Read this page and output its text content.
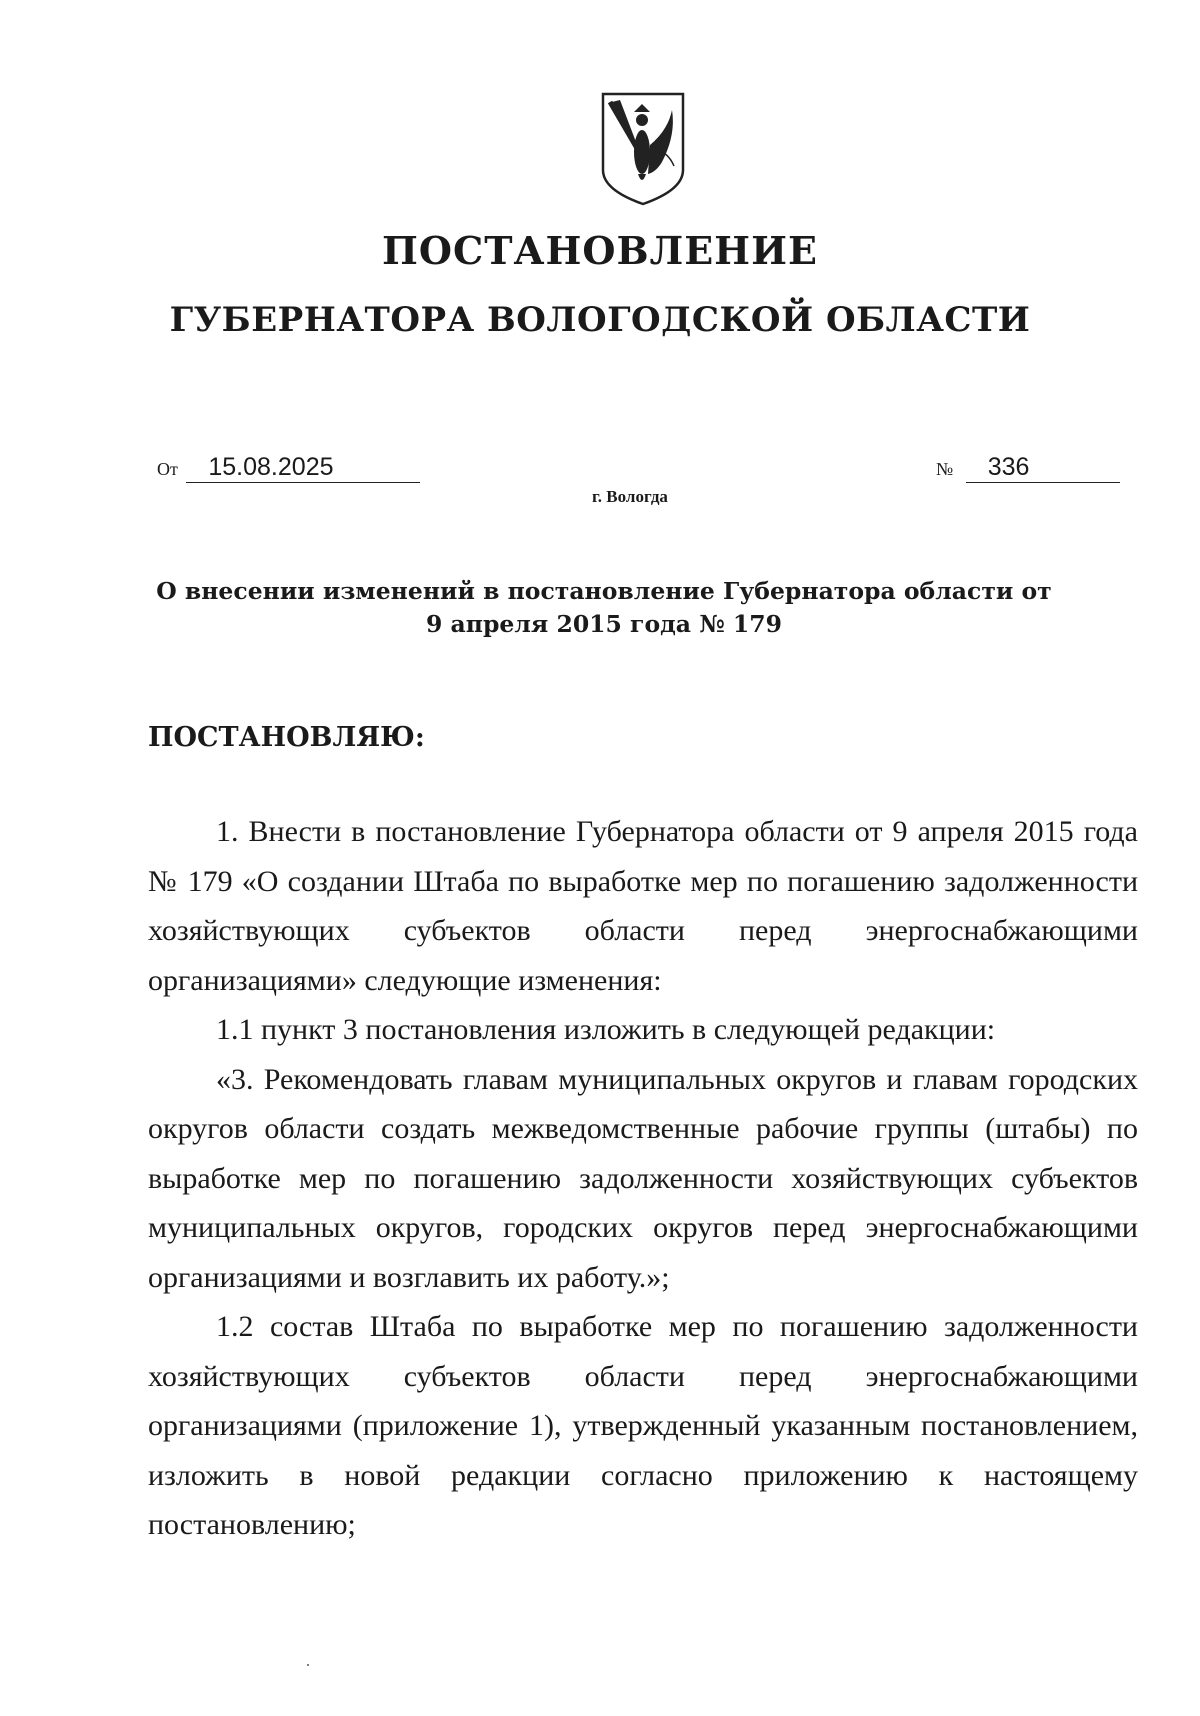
ПОСТАНОВЛЕНИЕ
ГУБЕРНАТОРА ВОЛОГОДСКОЙ ОБЛАСТИ
От 15.08.2025	№ 336
г. Вологда

О внесении изменений в постановление Губернатора области от 9 апреля 2015 года № 179

ПОСТАНОВЛЯЮ:

1. Внести в постановление Губернатора области от 9 апреля 2015 года № 179 «О создании Штаба по выработке мер по погашению задолженности хозяйствующих субъектов области перед энергоснабжающими организациями» следующие изменения:

1.1 пункт 3 постановления изложить в следующей редакции:

«3. Рекомендовать главам муниципальных округов и главам городских округов области создать межведомственные рабочие группы (штабы) по выработке мер по погашению задолженности хозяйствующих субъектов муниципальных округов, городских округов перед энергоснабжающими организациями и возглавить их работу.»;

1.2 состав Штаба по выработке мер по погашению задолженности хозяйствующих субъектов области перед энергоснабжающими организациями (приложение 1), утвержденный указанным постановлением, изложить в новой редакции согласно приложению к настоящему постановлению;
